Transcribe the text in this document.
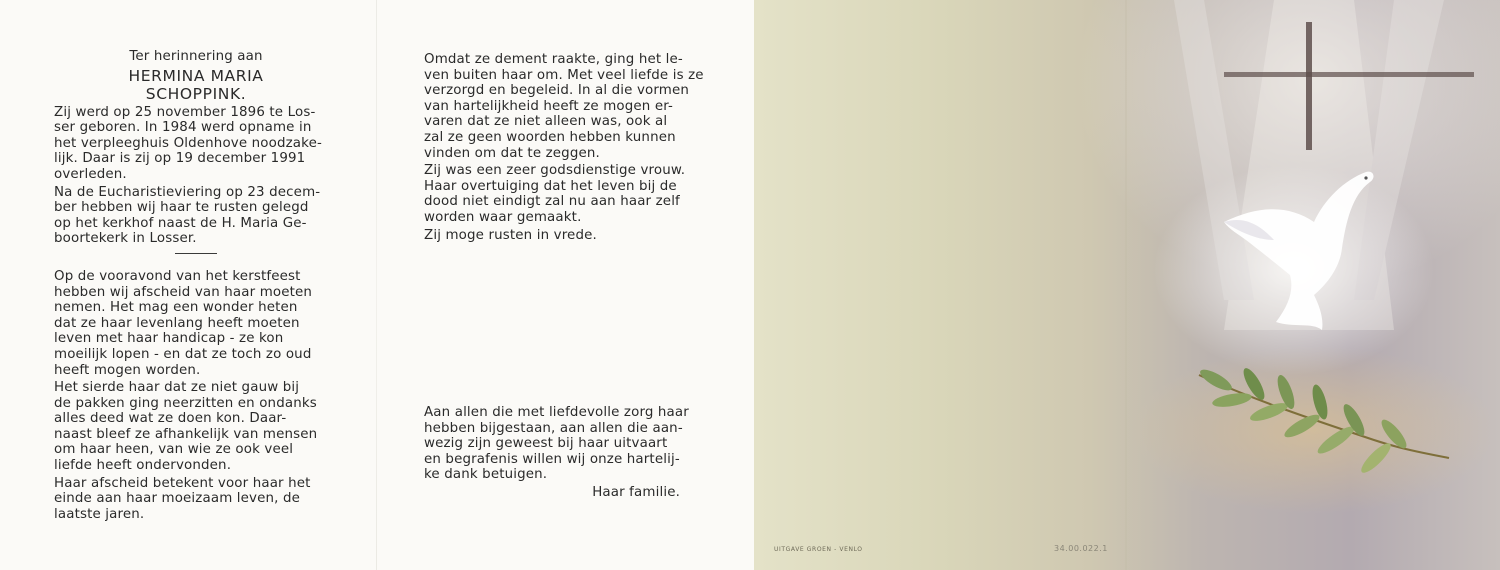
Ter herinnering aan

HERMINA MARIA
SCHOPPINK.

Zij werd op 25 november 1896 te Los-
ser geboren. In 1984 werd opname in
het verpleeghuis Oldenhove noodzake-
lijk. Daar is zij op 19 december 1991
overleden.

Na de Eucharistieviering op 23 decem-
ber hebben wij haar te rusten gelegd
op het kerkhof naast de H. Maria Ge-
boortekerk in Losser.

Op de vooravond van het kerstfeest
hebben wij afscheid van haar moeten
nemen. Het mag een wonder heten
dat ze haar levenlang heeft moeten
leven met haar handicap - ze kon
moeilijk lopen - en dat ze toch zo oud
heeft mogen worden.

Het sierde haar dat ze niet gauw bij
de pakken ging neerzitten en ondanks
alles deed wat ze doen kon. Daar-
naast bleef ze afhankelijk van mensen
om haar heen, van wie ze ook veel
liefde heeft ondervonden.

Haar afscheid betekent voor haar het
einde aan haar moeizaam leven, de
laatste jaren.

Omdat ze dement raakte, ging het le-
ven buiten haar om. Met veel liefde is ze
verzorgd en begeleid. In al die vormen
van hartelijkheid heeft ze mogen er-
varen dat ze niet alleen was, ook al
zal ze geen woorden hebben kunnen
vinden om dat te zeggen.

Zij was een zeer godsdienstige vrouw.
Haar overtuiging dat het leven bij de
dood niet eindigt zal nu aan haar zelf
worden waar gemaakt.

Zij moge rusten in vrede.

Aan allen die met liefdevolle zorg haar
hebben bijgestaan, aan allen die aan-
wezig zijn geweest bij haar uitvaart
en begrafenis willen wij onze hartelij-
ke dank betuigen.

Haar familie.

UITGAVE GROEN - VENLO	34.00.022.1
